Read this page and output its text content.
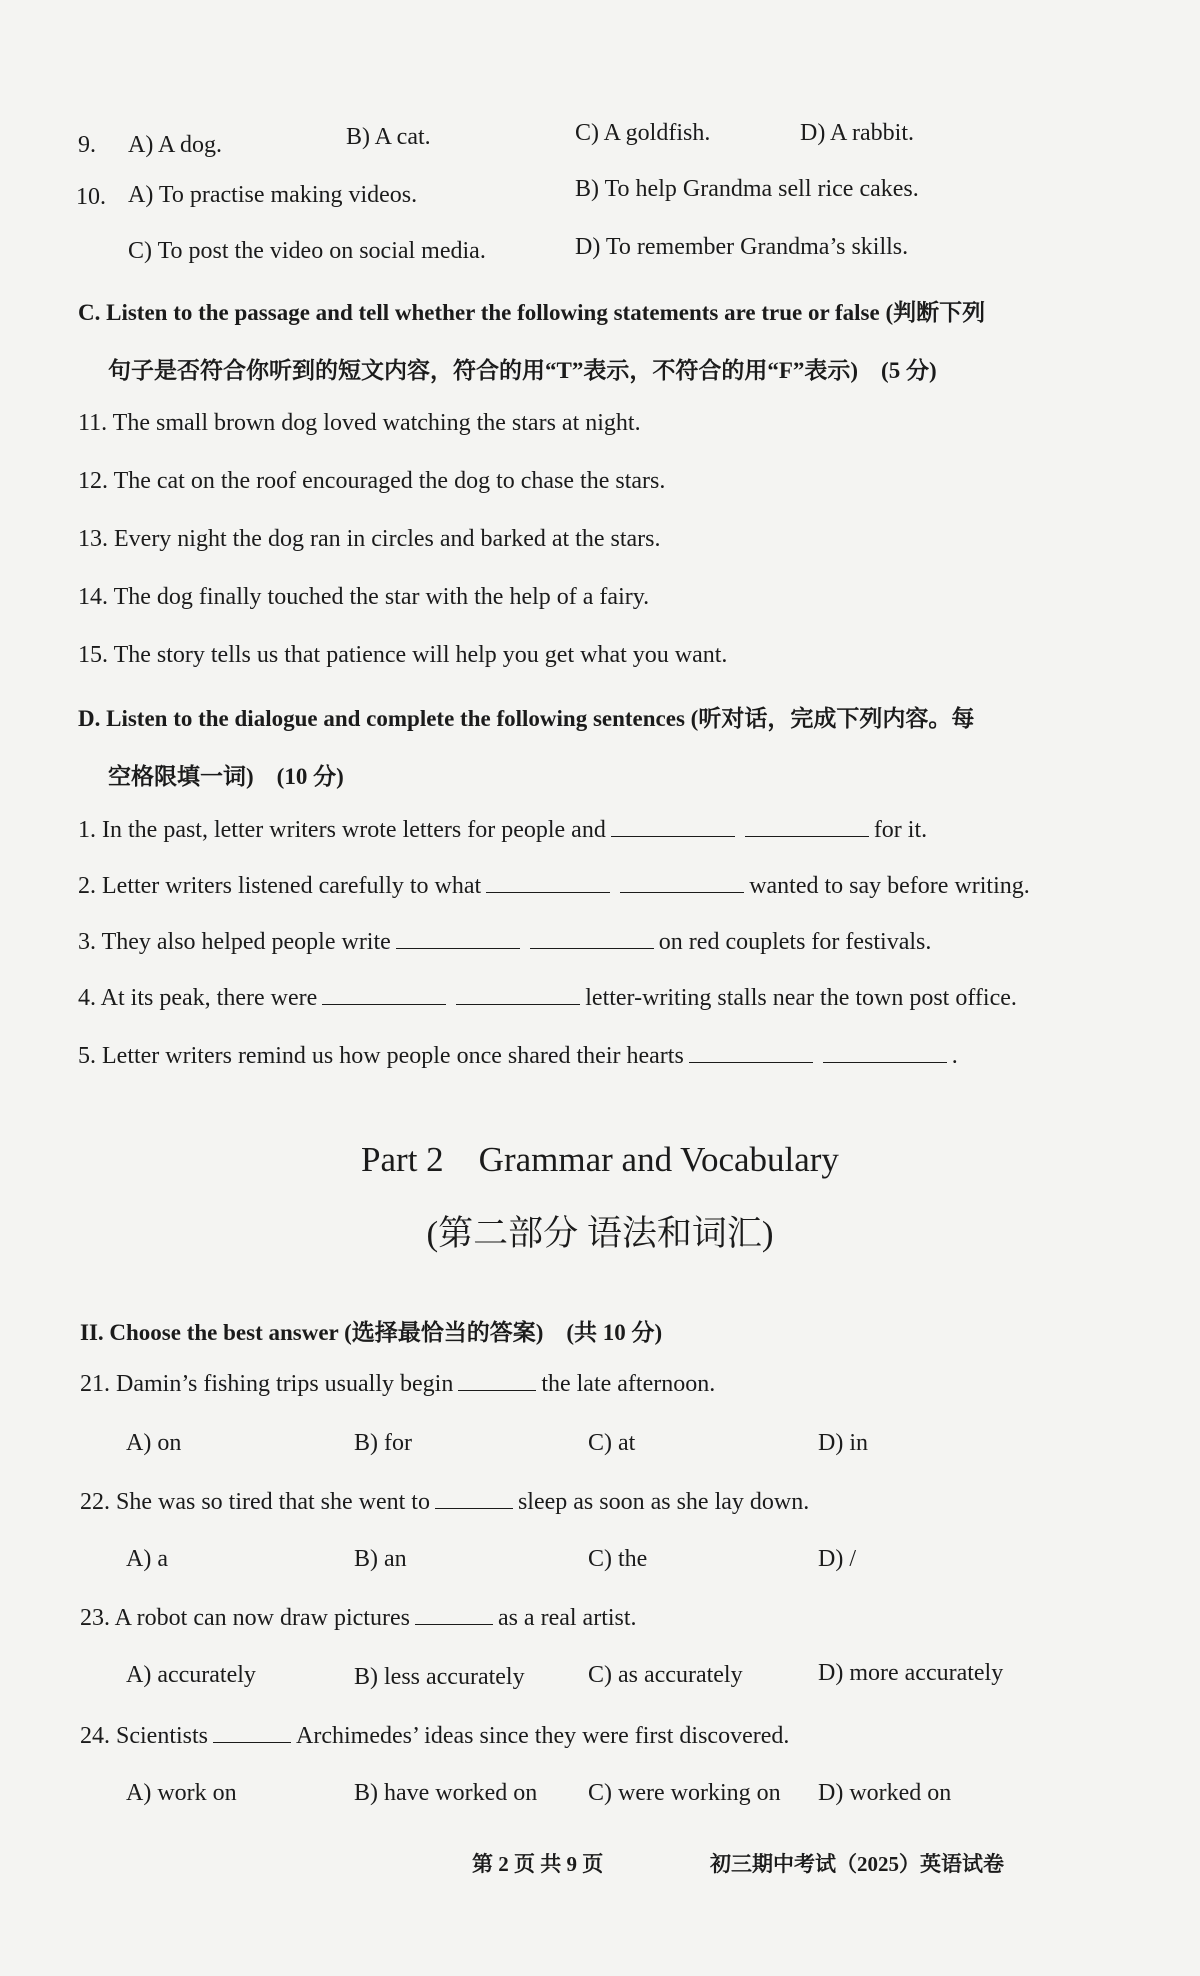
9. A) A dog.	B) A cat.	C) A goldfish.	D) A rabbit.
10. A) To practise making videos.	B) To help Grandma sell rice cakes.
C) To post the video on social media.	D) To remember Grandma’s skills.
C. Listen to the passage and tell whether the following statements are true or false (判断下列
句子是否符合你听到的短文内容，符合的用“T”表示，不符合的用“F”表示)　(5 分)
11. The small brown dog loved watching the stars at night.
12. The cat on the roof encouraged the dog to chase the stars.
13. Every night the dog ran in circles and barked at the stars.
14. The dog finally touched the star with the help of a fairy.
15. The story tells us that patience will help you get what you want.
D. Listen to the dialogue and complete the following sentences (听对话，完成下列内容。每
空格限填一词)　(10 分)
1. In the past, letter writers wrote letters for people and	for it.
2. Letter writers listened carefully to what	wanted to say before writing.
3. They also helped people write	on red couplets for festivals.
4. At its peak, there were	letter-writing stalls near the town post office.
5. Letter writers remind us how people once shared their hearts	.
Part 2　Grammar and Vocabulary
(第二部分 语法和词汇)
II. Choose the best answer (选择最恰当的答案)　(共 10 分)
21. Damin’s fishing trips usually begin	the late afternoon.
A) on	B) for	C) at	D) in
22. She was so tired that she went to	sleep as soon as she lay down.
A) a	B) an	C) the	D) /
23. A robot can now draw pictures	as a real artist.
A) accurately	B) less accurately	C) as accurately	D) more accurately
24. Scientists	Archimedes’ ideas since they were first discovered.
A) work on	B) have worked on C) were working on D) worked on
第 2 页 共 9 页	初三期中考试（2025）英语试卷
